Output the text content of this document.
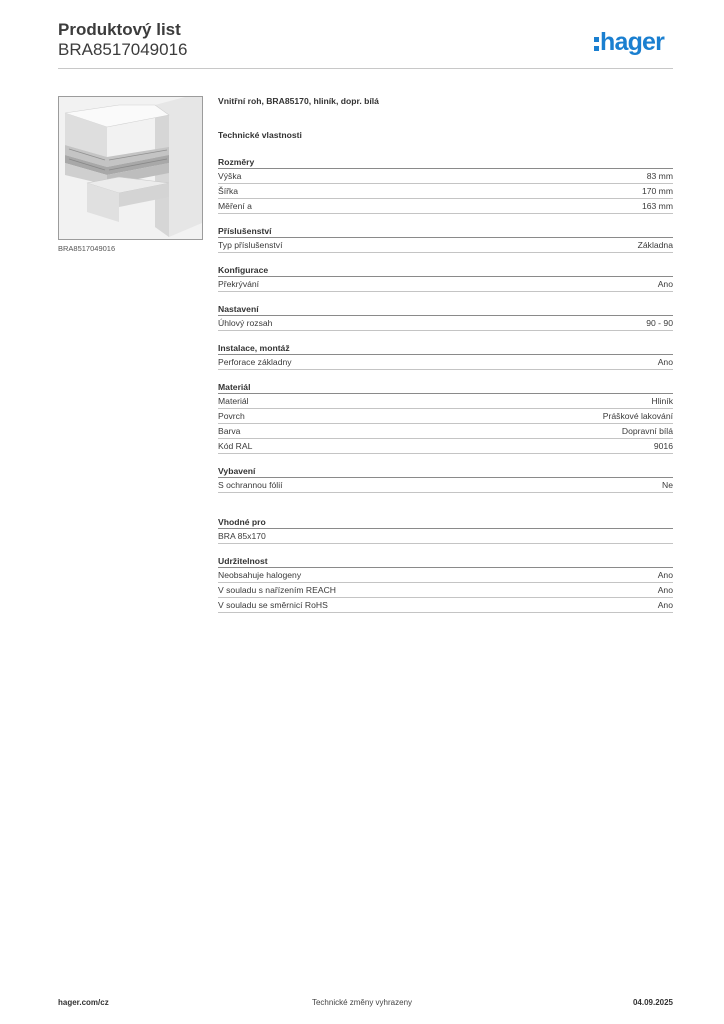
Produktový list
BRA8517049016	hager
BRA8517049016
Vnitřní roh, BRA85170, hliník, dopr. bílá
Technické vlastnosti
Rozměry
Výška	83 mm
Šířka	170 mm
Měření a	163 mm
Příslušenství
Typ příslušenství	Základna
Konfigurace
Překrývání	Ano
Nastavení
Úhlový rozsah	90 - 90
Instalace, montáž
Perforace základny	Ano
Materiál
Materiál	Hliník
Povrch	Práškové lakování
Barva	Dopravní bílá
Kód RAL	9016
Vybavení
S ochrannou fólií	Ne
Vhodné pro
BRA 85x170
Udržitelnost
Neobsahuje halogeny	Ano
V souladu s nařízením REACH	Ano
V souladu se směrnicí RoHS	Ano
hager.com/cz	Technické změny vyhrazeny	04.09.2025
